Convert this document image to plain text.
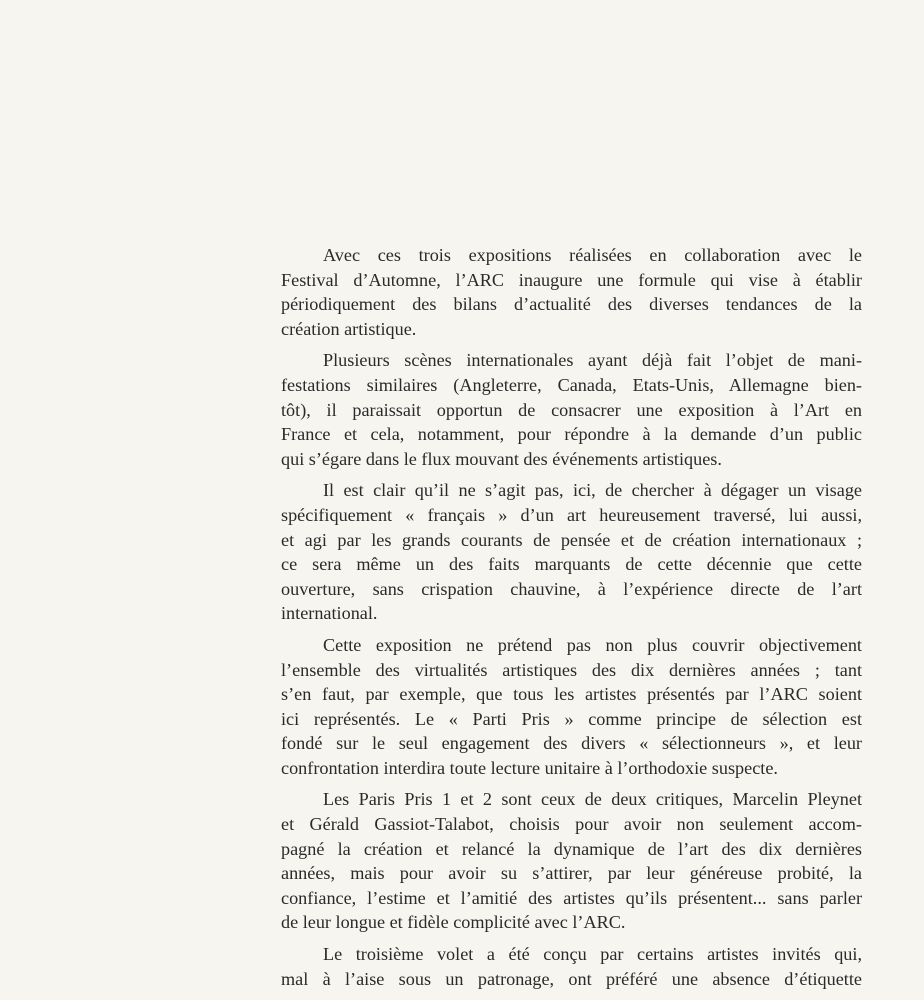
Avec ces trois expositions réalisées en collaboration avec le
Festival d’Automne, l’ARC inaugure une formule qui vise à établir
périodiquement des bilans d’actualité des diverses tendances de la
création artistique.

Plusieurs scènes internationales ayant déjà fait l’objet de mani-
festations similaires (Angleterre, Canada, Etats-Unis, Allemagne bien-
tôt), il paraissait opportun de consacrer une exposition à l’Art en
France et cela, notamment, pour répondre à la demande d’un public
qui s’égare dans le flux mouvant des événements artistiques.

Il est clair qu’il ne s’agit pas, ici, de chercher à dégager un visage
spécifiquement « français » d’un art heureusement traversé, lui aussi,
et agi par les grands courants de pensée et de création internationaux ;
ce sera même un des faits marquants de cette décennie que cette
ouverture, sans crispation chauvine, à l’expérience directe de l’art
international.

Cette exposition ne prétend pas non plus couvrir objectivement
l’ensemble des virtualités artistiques des dix dernières années ; tant
s’en faut, par exemple, que tous les artistes présentés par l’ARC soient
ici représentés. Le « Parti Pris » comme principe de sélection est
fondé sur le seul engagement des divers « sélectionneurs », et leur
confrontation interdira toute lecture unitaire à l’orthodoxie suspecte.

Les Paris Pris 1 et 2 sont ceux de deux critiques, Marcelin Pleynet
et Gérald Gassiot-Talabot, choisis pour avoir non seulement accom-
pagné la création et relancé la dynamique de l’art des dix dernières
années, mais pour avoir su s’attirer, par leur généreuse probité, la
confiance, l’estime et l’amitié des artistes qu’ils présentent... sans parler
de leur longue et fidèle complicité avec l’ARC.

Le troisième volet a été conçu par certains artistes invités qui,
mal à l’aise sous un patronage, ont préféré une absence d’étiquette
